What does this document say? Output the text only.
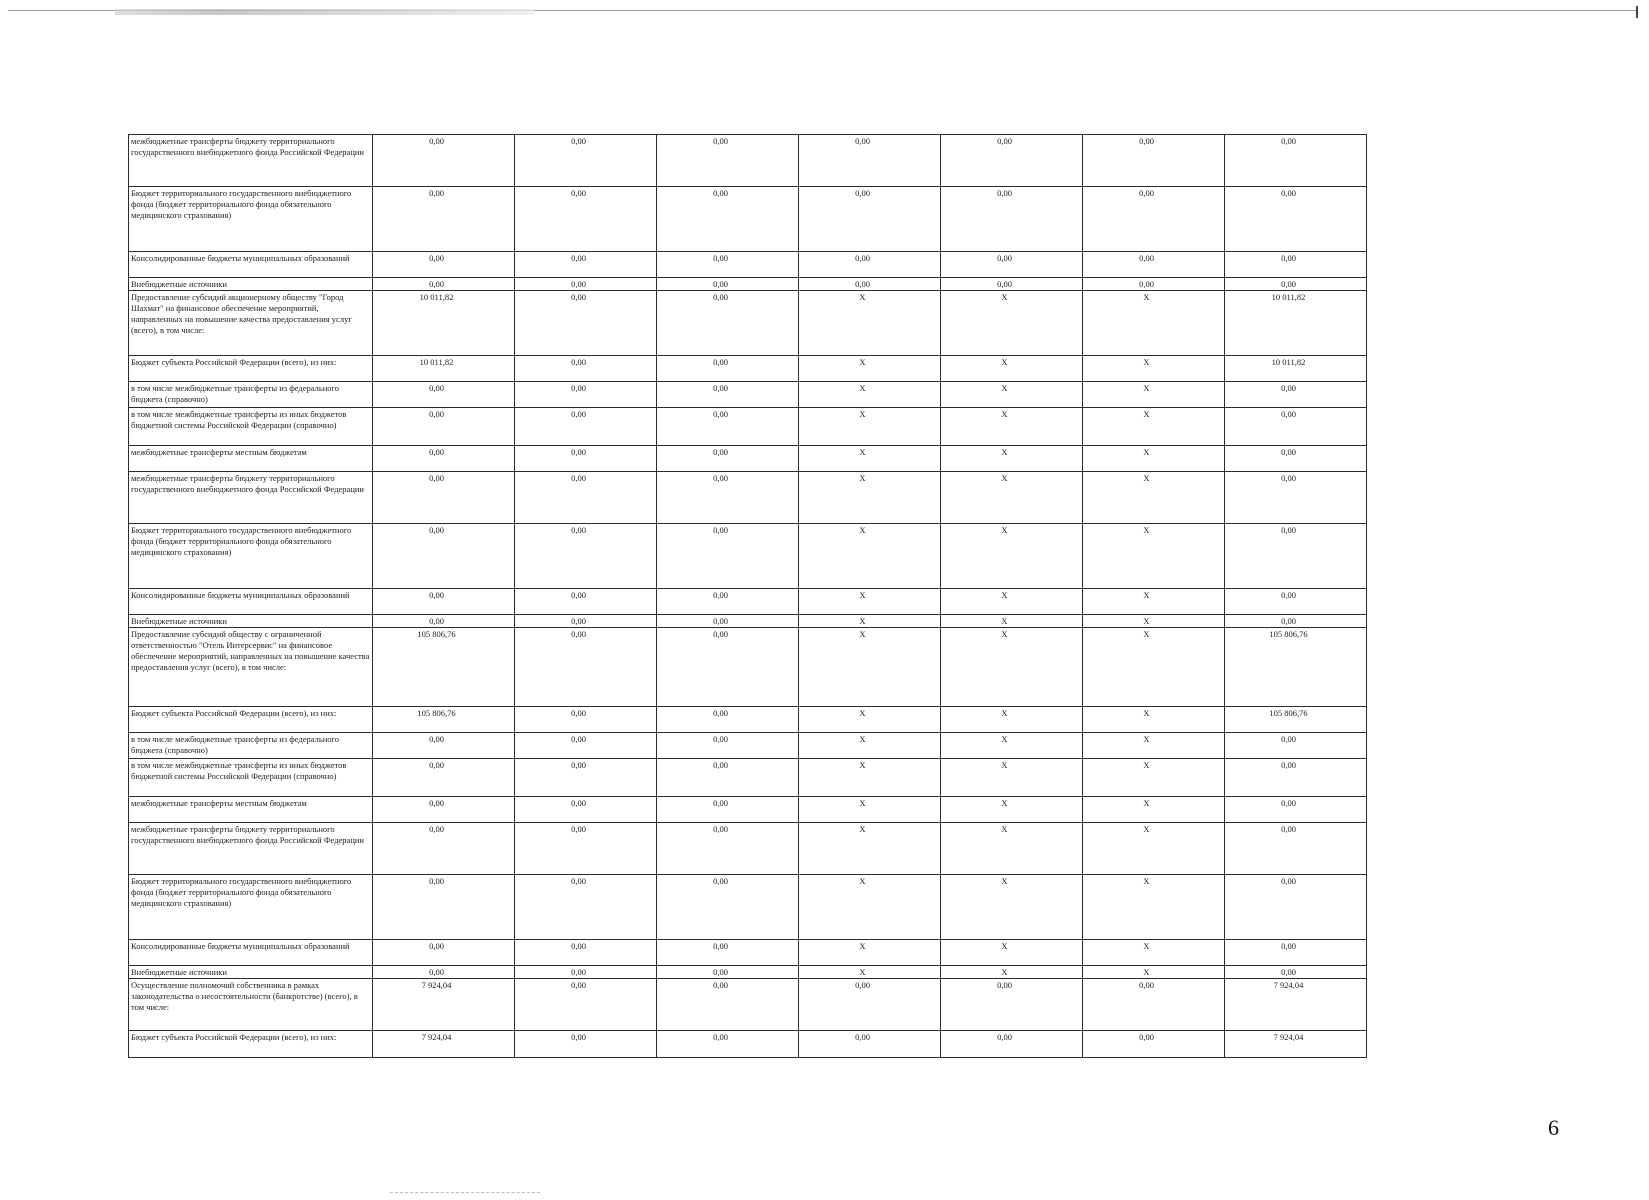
межбюджетные трансферты бюджету территориального государственного внебюджетного фонда Российской Федерации	0,00	0,00	0,00	0,00	0,00	0,00	0,00
Бюджет территориального государственного внебюджетного фонда (бюджет территориального фонда обязательного медицинского страхования)	0,00	0,00	0,00	0,00	0,00	0,00	0,00
Консолидированные бюджеты муниципальных образований	0,00	0,00	0,00	0,00	0,00	0,00	0,00
Внебюджетные источники	0,00	0,00	0,00	0,00	0,00	0,00	0,00
Предоставление субсидий акционерному обществу "Город Шахмат" на финансовое обеспечение мероприятий, направленных на повышение качества предоставления услуг (всего), в том числе:	10 011,82	0,00	0,00	X	X	X	10 011,82
Бюджет субъекта Российской Федерации (всего), из них:	10 011,82	0,00	0,00	X	X	X	10 011,82
в том числе межбюджетные трансферты из федерального бюджета (справочно)	0,00	0,00	0,00	X	X	X	0,00
в том числе межбюджетные трансферты из иных бюджетов бюджетной системы Российской Федерации (справочно)	0,00	0,00	0,00	X	X	X	0,00
межбюджетные трансферты местным бюджетам	0,00	0,00	0,00	X	X	X	0,00
межбюджетные трансферты бюджету территориального государственного внебюджетного фонда Российской Федерации	0,00	0,00	0,00	X	X	X	0,00
Бюджет территориального государственного внебюджетного фонда (бюджет территориального фонда обязательного медицинского страхования)	0,00	0,00	0,00	X	X	X	0,00
Консолидированные бюджеты муниципальных образований	0,00	0,00	0,00	X	X	X	0,00
Внебюджетные источники	0,00	0,00	0,00	X	X	X	0,00
Предоставление субсидий обществу с ограниченной ответственностью "Отель Интерсервис" на финансовое обеспечение мероприятий, направленных на повышение качества предоставления услуг (всего), в том числе:	105 806,76	0,00	0,00	X	X	X	105 806,76
Бюджет субъекта Российской Федерации (всего), из них:	105 806,76	0,00	0,00	X	X	X	105 806,76
в том числе межбюджетные трансферты из федерального бюджета (справочно)	0,00	0,00	0,00	X	X	X	0,00
в том числе межбюджетные трансферты из иных бюджетов бюджетной системы Российской Федерации (справочно)	0,00	0,00	0,00	X	X	X	0,00
межбюджетные трансферты местным бюджетам	0,00	0,00	0,00	X	X	X	0,00
межбюджетные трансферты бюджету территориального государственного внебюджетного фонда Российской Федерации	0,00	0,00	0,00	X	X	X	0,00
Бюджет территориального государственного внебюджетного фонда (бюджет территориального фонда обязательного медицинского страхования)	0,00	0,00	0,00	X	X	X	0,00
Консолидированные бюджеты муниципальных образований	0,00	0,00	0,00	X	X	X	0,00
Внебюджетные источники	0,00	0,00	0,00	X	X	X	0,00
Осуществление полномочий собственника в рамках законодательства о несостоятельности (банкротстве) (всего), в том числе:	7 924,04	0,00	0,00	0,00	0,00	0,00	7 924,04
Бюджет субъекта Российской Федерации (всего), из них:	7 924,04	0,00	0,00	0,00	0,00	0,00	7 924,04
6
